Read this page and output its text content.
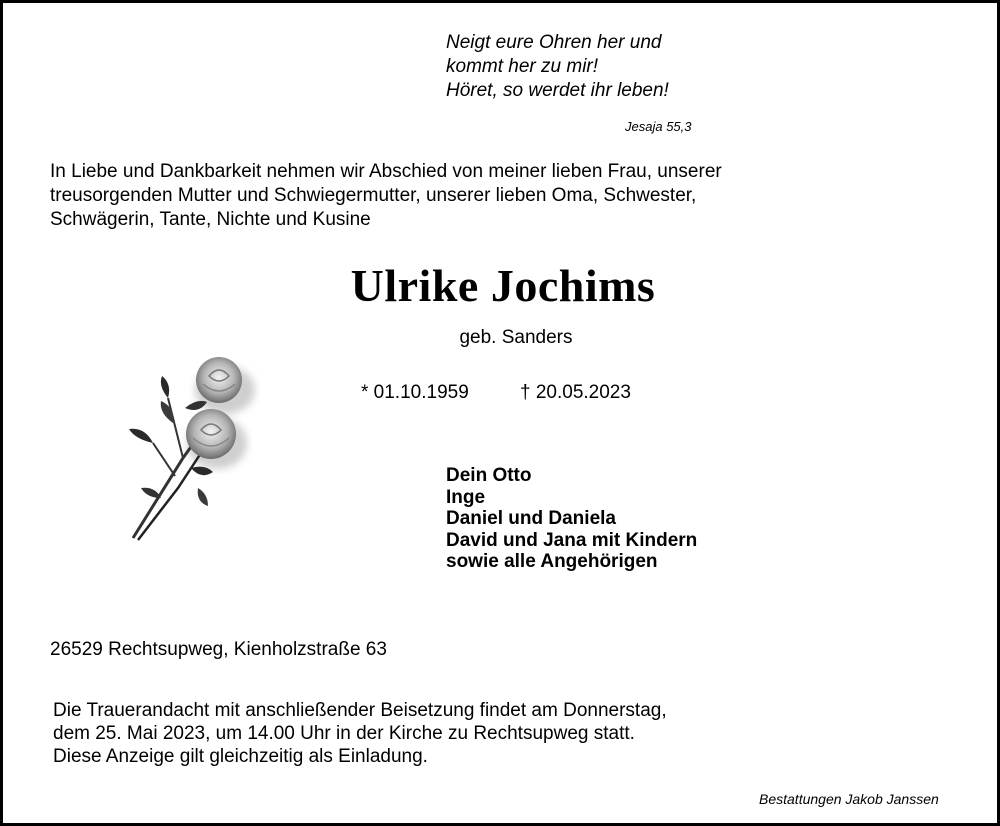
Neigt eure Ohren her und
kommt her zu mir!
Höret, so werdet ihr leben!
Jesaja 55,3
In Liebe und Dankbarkeit nehmen wir Abschied von meiner lieben Frau, unserer
treusorgenden Mutter und Schwiegermutter, unserer lieben Oma, Schwester,
Schwägerin, Tante, Nichte und Kusine
Ulrike Jochims
geb. Sanders
* 01.10.1959	† 20.05.2023
Dein Otto
Inge
Daniel und Daniela
David und Jana mit Kindern
sowie alle Angehörigen
26529 Rechtsupweg, Kienholzstraße 63
Die Trauerandacht mit anschließender Beisetzung findet am Donnerstag,
dem 25. Mai 2023, um 14.00 Uhr in der Kirche zu Rechtsupweg statt.
Diese Anzeige gilt gleichzeitig als Einladung.
Bestattungen Jakob Janssen
